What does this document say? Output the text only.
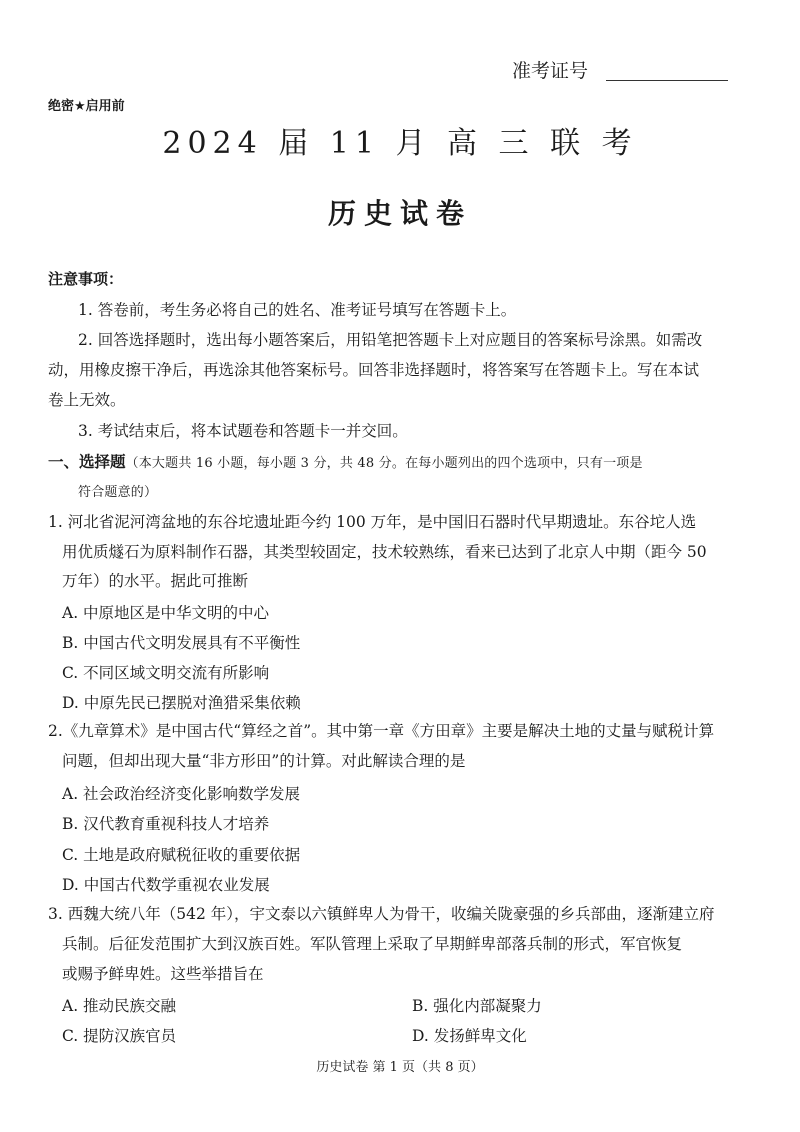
准考证号
绝密★启用前
2024 届 11 月 高 三 联 考
历史试卷
注意事项：
1. 答卷前，考生务必将自己的姓名、准考证号填写在答题卡上。
2. 回答选择题时，选出每小题答案后，用铅笔把答题卡上对应题目的答案标号涂黑。如需改
动，用橡皮擦干净后，再选涂其他答案标号。回答非选择题时，将答案写在答题卡上。写在本试
卷上无效。
3. 考试结束后，将本试题卷和答题卡一并交回。
一、选择题（本大题共 16 小题，每小题 3 分，共 48 分。在每小题列出的四个选项中，只有一项是
符合题意的）
1. 河北省泥河湾盆地的东谷坨遗址距今约 100 万年，是中国旧石器时代早期遗址。东谷坨人选
用优质燧石为原料制作石器，其类型较固定，技术较熟练，看来已达到了北京人中期（距今 50
万年）的水平。据此可推断
A. 中原地区是中华文明的中心
B. 中国古代文明发展具有不平衡性
C. 不同区域文明交流有所影响
D. 中原先民已摆脱对渔猎采集依赖
2.《九章算术》是中国古代“算经之首”。其中第一章《方田章》主要是解决土地的丈量与赋税计算
问题，但却出现大量“非方形田”的计算。对此解读合理的是
A. 社会政治经济变化影响数学发展
B. 汉代教育重视科技人才培养
C. 土地是政府赋税征收的重要依据
D. 中国古代数学重视农业发展
3. 西魏大统八年（542 年），宇文泰以六镇鲜卑人为骨干，收编关陇豪强的乡兵部曲，逐渐建立府
兵制。后征发范围扩大到汉族百姓。军队管理上采取了早期鲜卑部落兵制的形式，军官恢复
或赐予鲜卑姓。这些举措旨在
A. 推动民族交融	B. 强化内部凝聚力
C. 提防汉族官员	D. 发扬鲜卑文化
历史试卷 第 1 页（共 8 页）
